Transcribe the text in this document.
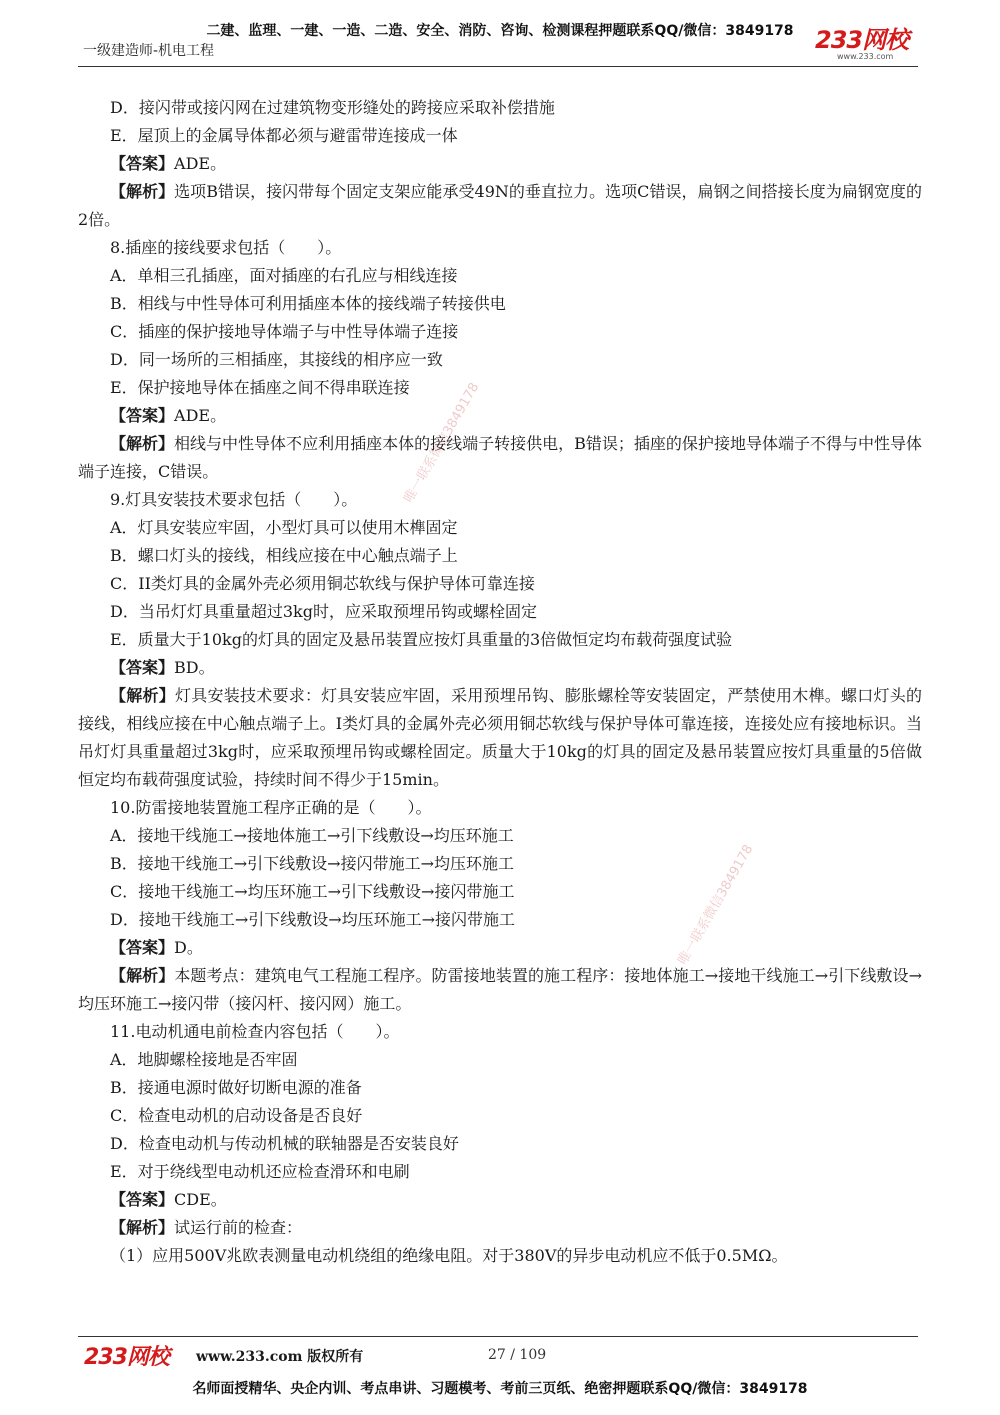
二建、监理、一建、一造、二造、安全、消防、咨询、检测课程押题联系QQ/微信：3849178
一级建造师-机电工程	233网校
www.233.com
D．接闪带或接闪网在过建筑物变形缝处的跨接应采取补偿措施
E．屋顶上的金属导体都必须与避雷带连接成一体
【答案】ADE。
【解析】选项B错误，接闪带每个固定支架应能承受49N的垂直拉力。选项C错误，扁钢之间搭接长度为扁钢宽度的2倍。
8.插座的接线要求包括（　　）。
A．单相三孔插座，面对插座的右孔应与相线连接
B．相线与中性导体可利用插座本体的接线端子转接供电
C．插座的保护接地导体端子与中性导体端子连接
D．同一场所的三相插座，其接线的相序应一致
E．保护接地导体在插座之间不得串联连接
【答案】ADE。
【解析】相线与中性导体不应利用插座本体的接线端子转接供电，B错误；插座的保护接地导体端子不得与中性导体端子连接，C错误。
9.灯具安装技术要求包括（　　）。
A．灯具安装应牢固，小型灯具可以使用木榫固定
B．螺口灯头的接线，相线应接在中心触点端子上
C．II类灯具的金属外壳必须用铜芯软线与保护导体可靠连接
D．当吊灯灯具重量超过3kg时，应采取预埋吊钩或螺栓固定
E．质量大于10kg的灯具的固定及悬吊装置应按灯具重量的3倍做恒定均布载荷强度试验
【答案】BD。
【解析】灯具安装技术要求：灯具安装应牢固，采用预埋吊钩、膨胀螺栓等安装固定，严禁使用木榫。螺口灯头的接线，相线应接在中心触点端子上。Ⅰ类灯具的金属外壳必须用铜芯软线与保护导体可靠连接，连接处应有接地标识。当吊灯灯具重量超过3kg时，应采取预埋吊钩或螺栓固定。质量大于10kg的灯具的固定及悬吊装置应按灯具重量的5倍做恒定均布载荷强度试验，持续时间不得少于15min。
10.防雷接地装置施工程序正确的是（　　）。
A．接地干线施工→接地体施工→引下线敷设→均压环施工
B．接地干线施工→引下线敷设→接闪带施工→均压环施工
C．接地干线施工→均压环施工→引下线敷设→接闪带施工
D．接地干线施工→引下线敷设→均压环施工→接闪带施工
【答案】D。
【解析】本题考点：建筑电气工程施工程序。防雷接地装置的施工程序：接地体施工→接地干线施工→引下线敷设→均压环施工→接闪带（接闪杆、接闪网）施工。
11.电动机通电前检查内容包括（　　）。
A．地脚螺栓接地是否牢固
B．接通电源时做好切断电源的准备
C．检查电动机的启动设备是否良好
D．检查电动机与传动机械的联轴器是否安装良好
E．对于绕线型电动机还应检查滑环和电刷
【答案】CDE。
【解析】试运行前的检查：
（1）应用500V兆欧表测量电动机绕组的绝缘电阻。对于380V的异步电动机应不低于0.5MΩ。
唯一联系微信3849178
唯一联系微信3849178
233网校 www.233.com 版权所有	27 / 109
名师面授精华、央企内训、考点串讲、习题模考、考前三页纸、绝密押题联系QQ/微信：3849178
